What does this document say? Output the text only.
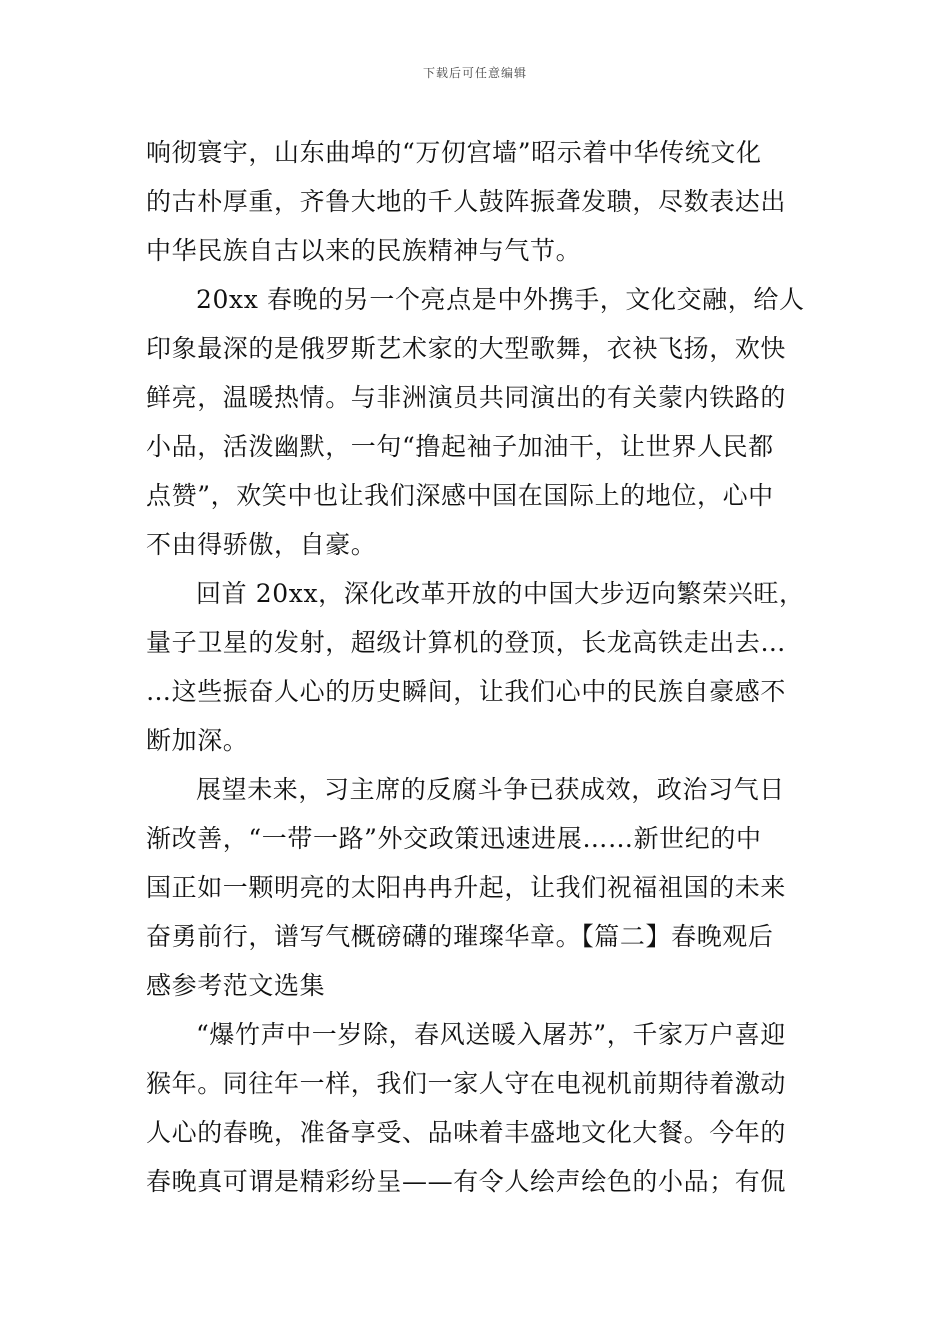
下载后可任意编辑
响彻寰宇，山东曲埠的“万仞宫墙”昭示着中华传统文化
的古朴厚重，齐鲁大地的千人鼓阵振聋发聩，尽数表达出
中华民族自古以来的民族精神与气节。
20xx 春晚的另一个亮点是中外携手，文化交融，给人
印象最深的是俄罗斯艺术家的大型歌舞，衣袂飞扬，欢快
鲜亮，温暖热情。与非洲演员共同演出的有关蒙内铁路的
小品，活泼幽默，一句“撸起袖子加油干，让世界人民都
点赞”，欢笑中也让我们深感中国在国际上的地位，心中
不由得骄傲，自豪。
回首 20xx，深化改革开放的中国大步迈向繁荣兴旺，
量子卫星的发射，超级计算机的登顶，长龙高铁走出去…
…这些振奋人心的历史瞬间，让我们心中的民族自豪感不
断加深。
展望未来，习主席的反腐斗争已获成效，政治习气日
渐改善，“一带一路”外交政策迅速进展……新世纪的中
国正如一颗明亮的太阳冉冉升起，让我们祝福祖国的未来
奋勇前行，谱写气概磅礴的璀璨华章。【篇二】春晚观后
感参考范文选集
“爆竹声中一岁除，春风送暖入屠苏”，千家万户喜迎
猴年。同往年一样，我们一家人守在电视机前期待着激动
人心的春晚，准备享受、品味着丰盛地文化大餐。今年的
春晚真可谓是精彩纷呈——有令人绘声绘色的小品；有侃
